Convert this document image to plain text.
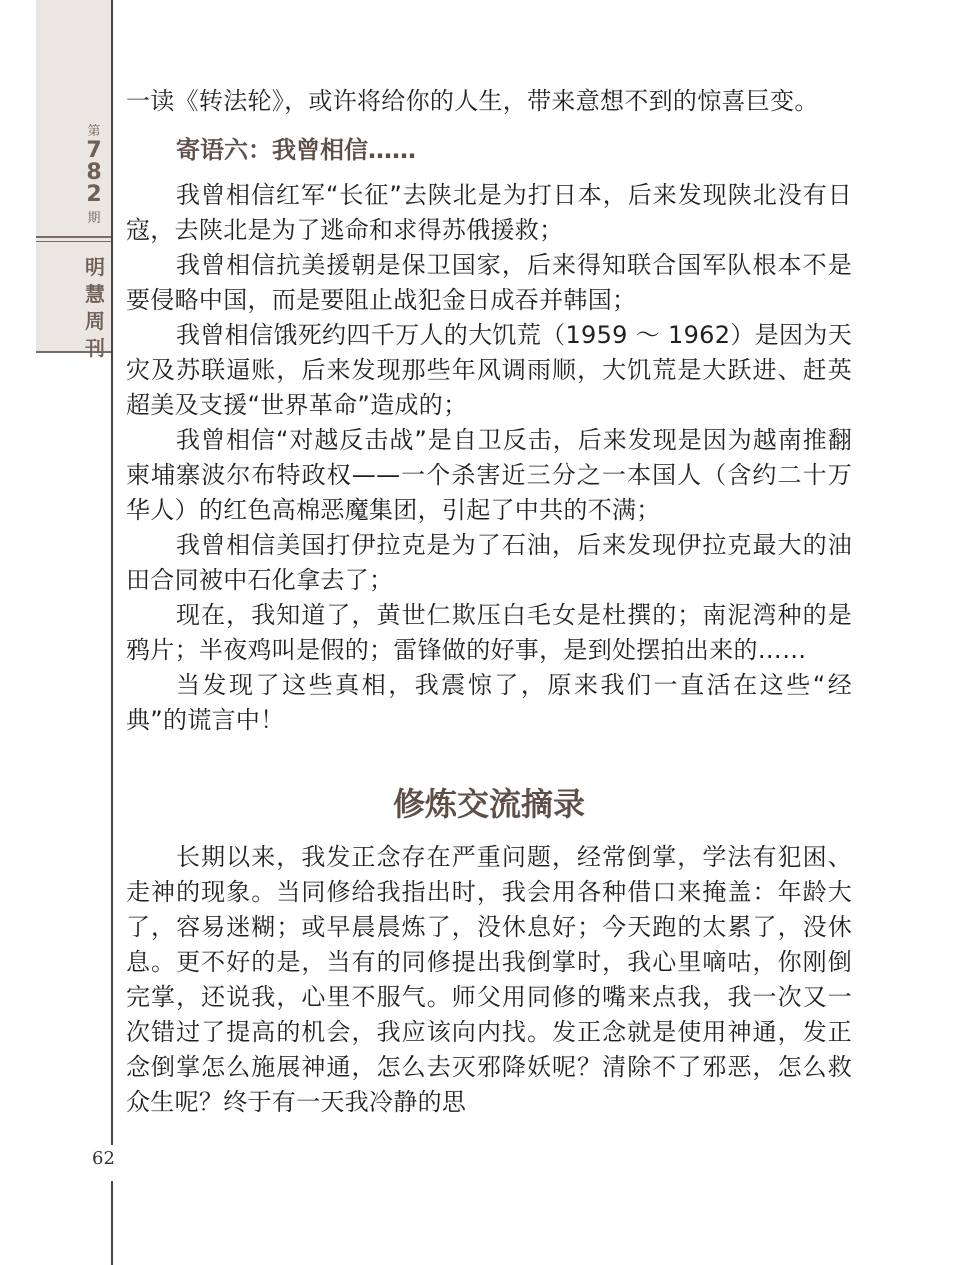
第
7
8
2
期
明
慧
周
刊
62

一读《转法轮》，或许将给你的人生，带来意想不到的惊喜巨变。

寄语六：我曾相信……

我曾相信红军“长征”去陕北是为打日本，后来发现陕北没有日寇，去陕北是为了逃命和求得苏俄援救；

我曾相信抗美援朝是保卫国家，后来得知联合国军队根本不是要侵略中国，而是要阻止战犯金日成吞并韩国；

我曾相信饿死约四千万人的大饥荒（1959 ～ 1962）是因为天灾及苏联逼账，后来发现那些年风调雨顺，大饥荒是大跃进、赶英超美及支援“世界革命”造成的；

我曾相信“对越反击战”是自卫反击，后来发现是因为越南推翻柬埔寨波尔布特政权——一个杀害近三分之一本国人（含约二十万华人）的红色高棉恶魔集团，引起了中共的不满；

我曾相信美国打伊拉克是为了石油，后来发现伊拉克最大的油田合同被中石化拿去了；

现在，我知道了，黄世仁欺压白毛女是杜撰的；南泥湾种的是鸦片；半夜鸡叫是假的；雷锋做的好事，是到处摆拍出来的……

当发现了这些真相，我震惊了，原来我们一直活在这些“经典”的谎言中！

修炼交流摘录

长期以来，我发正念存在严重问题，经常倒掌，学法有犯困、走神的现象。当同修给我指出时，我会用各种借口来掩盖：年龄大了，容易迷糊；或早晨晨炼了，没休息好；今天跑的太累了，没休息。更不好的是，当有的同修提出我倒掌时，我心里嘀咕，你刚倒完掌，还说我，心里不服气。师父用同修的嘴来点我，我一次又一次错过了提高的机会，我应该向内找。发正念就是使用神通，发正念倒掌怎么施展神通，怎么去灭邪降妖呢？清除不了邪恶，怎么救众生呢？终于有一天我冷静的思
